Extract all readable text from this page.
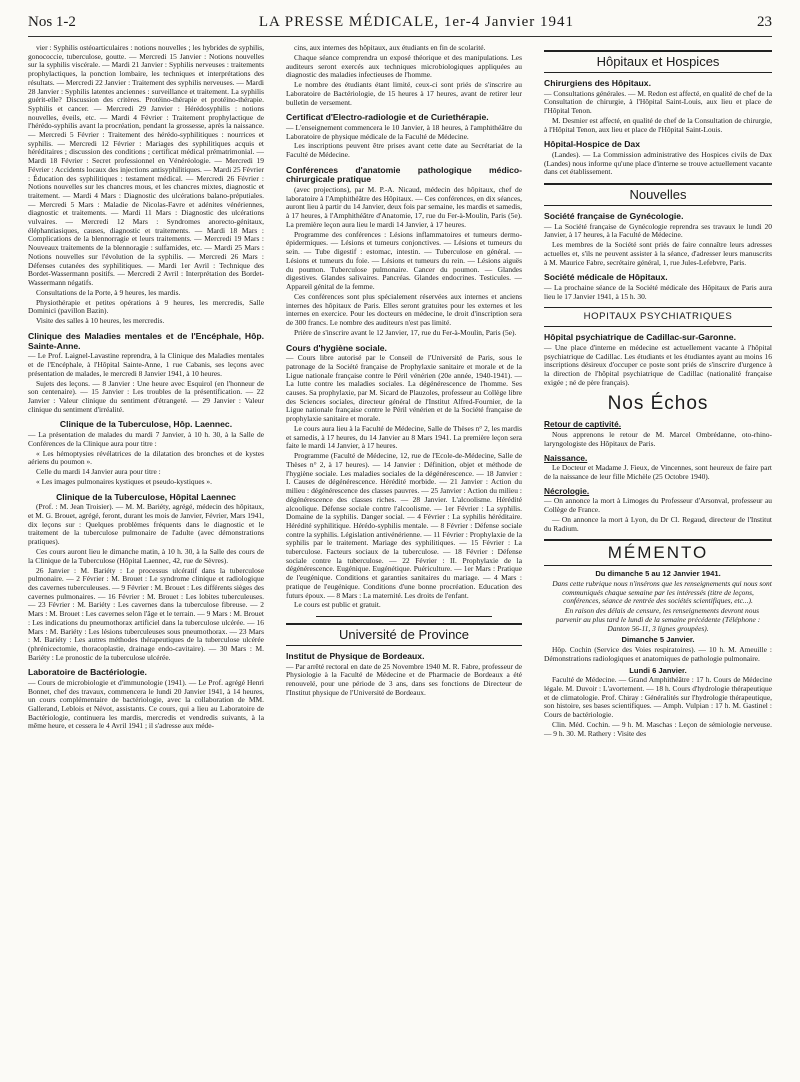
Nos 1-2	LA PRESSE MÉDICALE, 1er-4 Janvier 1941	23

vier : Syphilis ostéoarticulaires : notions nouvelles ; les hybrides de syphilis, gonococcie, tuberculose, goutte. — Mercredi 15 Janvier : Notions nouvelles sur la syphilis viscérale. — Mardi 21 Janvier : Syphilis nerveuses : traitements prophylactiques, la ponction lombaire, les techniques et interprétations des résultats. — Mercredi 22 Janvier : Traitement des syphilis nerveuses. — Mardi 28 Janvier : Syphilis latentes anciennes : surveillance et traitement. La syphilis guérit-elle? Discussion des critères. Protéino-thérapie et protéino-thérapie. Syphilis et cancer. — Mercredi 29 Janvier : Hérédosyphilis : notions nouvelles, éveils, etc. — Mardi 4 Février : Traitement prophylactique de l'hérédo-syphilis avant la procréation, pendant la grossesse, après la naissance. — Mercredi 5 Février : Traitement des hérédo-syphilitiques : nourrices et syphilis. — Mercredi 12 Février : Mariages des syphilitiques acquis et héréditaires ; discussion des conditions ; certificat médical prématrimonial. — Mardi 18 Février : Secret professionnel en Vénéréologie. — Mercredi 19 Février : Accidents locaux des injections antisyphilitiques. — Mardi 25 Février : Éducation des syphilitiques : testament médical. — Mercredi 26 Février : Notions nouvelles sur les chancres mous, et les chancres mixtes, diagnostic et traitement. — Mardi 4 Mars : Diagnostic des ulcérations balano-préputiales. — Mercredi 5 Mars : Maladie de Nicolas-Favre et adénites vénériennes, diagnostic et traitements. — Mardi 11 Mars : Diagnostic des ulcérations vulvaires. — Mercredi 12 Mars : Syndromes anorecto-génitaux, éléphantiasiques, causes, diagnostic et traitements. — Mardi 18 Mars : Complications de la blennorragie et leurs traitements. — Mercredi 19 Mars : Nouveaux traitements de la blennoragie : sulfamides, etc. — Mardi 25 Mars : Notions nouvelles sur l'évolution de la syphilis. — Mercredi 26 Mars : Défenses cutanées des syphilitiques. — Mardi 1er Avril : Technique des Bordet-Wassermann positifs. — Mercredi 2 Avril : Interprétation des Bordet-Wassermann négatifs.

Consultations de la Porte, à 9 heures, les mardis.

Physiothérapie et petites opérations à 9 heures, les mercredis, Salle Dominici (pavillon Bazin).

Visite des salles à 10 heures, les mercredis.

Clinique des Maladies mentales et de l'Encéphale, Hôp. Sainte-Anne.

— Le Prof. Laignel-Lavastine reprendra, à la Clinique des Maladies mentales et de l'Encéphale, à l'Hôpital Sainte-Anne, 1 rue Cabanis, ses leçons avec présentation de malades, le mercredi 8 Janvier 1941, à 10 heures.

Sujets des leçons. — 8 Janvier : Une heure avec Esquirol (en l'honneur de son centenaire). — 15 Janvier : Les troubles de la présentification. — 22 Janvier : Valeur clinique du sentiment d'étrangeté. — 29 Janvier : Valeur clinique du sentiment d'irréalité.

Clinique de la Tuberculose, Hôp. Laennec.

— La présentation de malades du mardi 7 Janvier, à 10 h. 30, à la Salle de Conférences de la Clinique aura pour titre :

« Les hémoptysies révélatrices de la dilatation des bronches et de kystes aériens du poumon ».

Celle du mardi 14 Janvier aura pour titre :

« Les images pulmonaires kystiques et pseudo-kystiques ».

Clinique de la Tuberculose, Hôpital Laennec

(Prof. : M. Jean Troisier). — M. M. Bariéty, agrégé, médecin des hôpitaux, et M. G. Brouet, agrégé, feront, durant les mois de Janvier, Février, Mars 1941, dix leçons sur : Quelques problèmes fréquents dans le diagnostic et le traitement de la tuberculose pulmonaire de l'adulte (avec démonstrations pratiques).

Ces cours auront lieu le dimanche matin, à 10 h. 30, à la Salle des cours de la Clinique de la Tuberculose (Hôpital Laennec, 42, rue de Sèvres).

26 Janvier : M. Bariéty : Le processus ulcératif dans la tuberculose pulmonaire. — 2 Février : M. Brouet : Le syndrome clinique et radiologique des cavernes tuberculeuses. — 9 Février : M. Brouet : Les différents sièges des cavernes pulmonaires. — 16 Février : M. Brouet : Les lobites tuberculeuses. — 23 Février : M. Bariéty : Les cavernes dans la tuberculose fibreuse. — 2 Mars : M. Brouet : Les cavernes selon l'âge et le terrain. — 9 Mars : M. Brouet : Les indications du pneumothorax artificiel dans la tuberculose ulcérée. — 16 Mars : M. Bariéty : Les lésions tuberculeuses sous pneumothorax. — 23 Mars : M. Bariéty : Les autres méthodes thérapeutiques de la tuberculose ulcérée (phrénicectomie, thoracoplastie, drainage endo-cavitaire). — 30 Mars : M. Bariéty : Le pronostic de la tuberculose ulcérée.

Laboratoire de Bactériologie.

— Cours de microbiologie et d'immunologie (1941). — Le Prof. agrégé Henri Bonnet, chef des travaux, commencera le lundi 20 Janvier 1941, à 14 heures, un cours complémentaire de bactériologie, avec la collaboration de MM. Gallerand, Leblois et Névot, assistants. Ce cours, qui a lieu au Laboratoire de Bactériologie, continuera les mardis, mercredis et vendredis suivants, à la même heure, et cessera le 4 Avril 1941 ; il s'adresse aux méde-

cins, aux internes des hôpitaux, aux étudiants en fin de scolarité.

Chaque séance comprendra un exposé théorique et des manipulations. Les auditeurs seront exercés aux techniques microbiologiques appliquées au diagnostic des maladies infectieuses de l'homme.

Le nombre des étudiants étant limité, ceux-ci sont priés de s'inscrire au Laboratoire de Bactériologie, de 15 heures à 17 heures, avant de retirer leur bulletin de versement.

Certificat d'Electro-radiologie et de Curiethérapie.

— L'enseignement commencera le 10 Janvier, à 18 heures, à l'amphithéâtre du Laboratoire de physique médicale de la Faculté de Médecine.

Les inscriptions peuvent être prises avant cette date au Secrétariat de la Faculté de Médecine.

Conférences d'anatomie pathologique médico-chirurgicale pratique

(avec projections), par M. P.-A. Nicaud, médecin des hôpitaux, chef de laboratoire à l'Amphithéâtre des Hôpitaux. — Ces conférences, en dix séances, auront lieu à partir du 14 Janvier, deux fois par semaine, les mardis et samedis, à 17 heures, à l'Amphithéâtre d'Anatomie, 17, rue du Fer-à-Moulin, Paris (5e). La première leçon aura lieu le mardi 14 Janvier, à 17 heures.

Programme des conférences : Lésions inflammatoires et tumeurs dermo-épidermiques. — Lésions et tumeurs conjonctives. — Lésions et tumeurs du sein. — Tube digestif : estomac, intestin. — Tuberculose en général. — Lésions et tumeurs du foie. — Lésions et tumeurs du rein. — Lésions aiguës du poumon. Tuberculose pulmonaire. Cancer du poumon. — Glandes digestives. Glandes salivaires. Pancréas. Glandes endocrines. Testicules. — Appareil génital de la femme.

Ces conférences sont plus spécialement réservées aux internes et anciens internes des hôpitaux de Paris. Elles seront gratuites pour les externes et les internes en exercice. Pour les docteurs en médecine, le droit d'inscription sera de 300 francs. Le nombre des auditeurs n'est pas limité.

Prière de s'inscrire avant le 12 Janvier, 17, rue du Fer-à-Moulin, Paris (5e).

Cours d'hygiène sociale.

— Cours libre autorisé par le Conseil de l'Université de Paris, sous le patronage de la Société française de Prophylaxie sanitaire et morale et de la Ligue nationale française contre le Péril vénérien (20e année, 1940-1941). — La lutte contre les maladies sociales. La dégénérescence de l'homme. Ses causes. Sa prophylaxie, par M. Sicard de Plauzoles, professeur au Collège libre des Sciences sociales, directeur général de l'Institut Alfred-Fournier, de la Ligue nationale française contre le Péril vénérien et de la Société française de prophylaxie sanitaire et morale.

Le cours aura lieu à la Faculté de Médecine, Salle de Thèses n° 2, les mardis et samedis, à 17 heures, du 14 Janvier au 8 Mars 1941. La première leçon sera faite le mardi 14 Janvier, à 17 heures.

Programme (Faculté de Médecine, 12, rue de l'Ecole-de-Médecine, Salle de Thèses n° 2, à 17 heures). — 14 Janvier : Définition, objet et méthode de l'hygiène sociale. Les maladies sociales de la dégénérescence. — 18 Janvier : I. Causes de dégénérescence. Hérédité morbide. — 21 Janvier : Action du milieu : dégénérescence des classes pauvres. — 25 Janvier : Action du milieu : dégénérescence des classes riches. — 28 Janvier. L'alcoolisme. Hérédité alcoolique. Défense sociale contre l'alcoolisme. — 1er Février : La syphilis. Domaine de la syphilis. Danger social. — 4 Février : La syphilis héréditaire. Hérédité syphilitique. Hérédo-syphilis mentale. — 8 Février : Défense sociale contre la syphilis. Législation antivénérienne. — 11 Février : Prophylaxie de la syphilis par le traitement. Mariage des syphilitiques. — 15 Février : La tuberculose. Facteurs sociaux de la tuberculose. — 18 Février : Défense sociale contre la tuberculose. — 22 Février : II. Prophylaxie de la dégénérescence. Eugénique. Eugénétique. Puériculture. — 1er Mars : Pratique de l'eugénique. Conditions et garanties sanitaires du mariage. — 4 Mars : pratique de l'eugénique. Conditions d'une bonne procréation. Education des futurs époux. — 8 Mars : La maternité. Les droits de l'enfant.

Le cours est public et gratuit.

Université de Province
Institut de Physique de Bordeaux.

— Par arrêté rectoral en date de 25 Novembre 1940 M. R. Fabre, professeur de Physiologie à la Faculté de Médecine et de Pharmacie de Bordeaux a été renouvelé, pour une période de 3 ans, dans ses fonctions de Directeur de l'Institut physique de l'Université de Bordeaux.

Hôpitaux et Hospices
Chirurgiens des Hôpitaux.

— Consultations générales. — M. Redon est affecté, en qualité de chef de la Consultation de chirurgie, à l'Hôpital Saint-Louis, aux lieu et place de l'Hôpital Tenon.

M. Desmier est affecté, en qualité de chef de la Consultation de chirurgie, à l'Hôpital Tenon, aux lieu et place de l'Hôpital Saint-Louis.

Hôpital-Hospice de Dax

(Landes). — La Commission administrative des Hospices civils de Dax (Landes) nous informe qu'une place d'interne se trouve actuellement vacante dans cet établissement.

Nouvelles
Société française de Gynécologie.

— La Société française de Gynécologie reprendra ses travaux le lundi 20 Janvier, à 17 heures, à la Faculté de Médecine.

Les membres de la Société sont priés de faire connaître leurs adresses actuelles et, s'ils ne peuvent assister à la séance, d'adresser leurs manuscrits à M. Maurice Fabre, secrétaire général, 1, rue Jules-Lefebvre, Paris.

Société médicale de Hôpitaux.

— La prochaine séance de la Société médicale des Hôpitaux de Paris aura lieu le 17 Janvier 1941, à 15 h. 30.

HOPITAUX PSYCHIATRIQUES
Hôpital psychiatrique de Cadillac-sur-Garonne.

— Une place d'interne en médecine est actuellement vacante à l'hôpital psychiatrique de Cadillac. Les étudiants et les étudiantes ayant au moins 16 inscriptions désireux d'occuper ce poste sont priés de s'inscrire d'urgence à la direction de l'hôpital psychiatrique de Cadillac (nationalité française exigée ; né de père français).

Nos Échos
Retour de captivité.

Nous apprenons le retour de M. Marcel Ombrédanne, oto-rhino-laryngologiste des Hôpitaux de Paris.

Naissance.

Le Docteur et Madame J. Fieux, de Vincennes, sont heureux de faire part de la naissance de leur fille Michèle (25 Octobre 1940).

Nécrologie.

— On annonce la mort à Limoges du Professeur d'Arsonval, professeur au Collège de France.

— On annonce la mort à Lyon, du Dr Cl. Regaud, directeur de l'Institut du Radium.

MÉMENTO
Du dimanche 5 au 12 Janvier 1941.

Dans cette rubrique nous n'insérons que les renseignements qui nous sont communiqués chaque semaine par les intéressés (titre de leçons, conférences, séance de rentrée des sociétés scientifiques, etc...).

En raison des délais de censure, les renseignements devront nous parvenir au plus tard le lundi de la semaine précédente (Téléphone : Danton 56-11, 3 lignes groupées).

Dimanche 5 Janvier.

Hôp. Cochin (Service des Voies respiratoires). — 10 h. M. Ameuille : Démonstrations radiologiques et anatomiques de pathologie pulmonaire.

Lundi 6 Janvier.

Faculté de Médecine. — Grand Amphithéâtre : 17 h. Cours de Médecine légale. M. Duvoir : L'avortement. — 18 h. Cours d'hydrologie thérapeutique et de climatologie. Prof. Chiray : Généralités sur l'hydrologie thérapeutique, son histoire, ses bases scientifiques. — Amph. Vulpian : 17 h. M. Gastinel : Cours de bactériologie.

Clin. Méd. Cochin. — 9 h. M. Maschas : Leçon de sémiologie nerveuse. — 9 h. 30. M. Rathery : Visite des
